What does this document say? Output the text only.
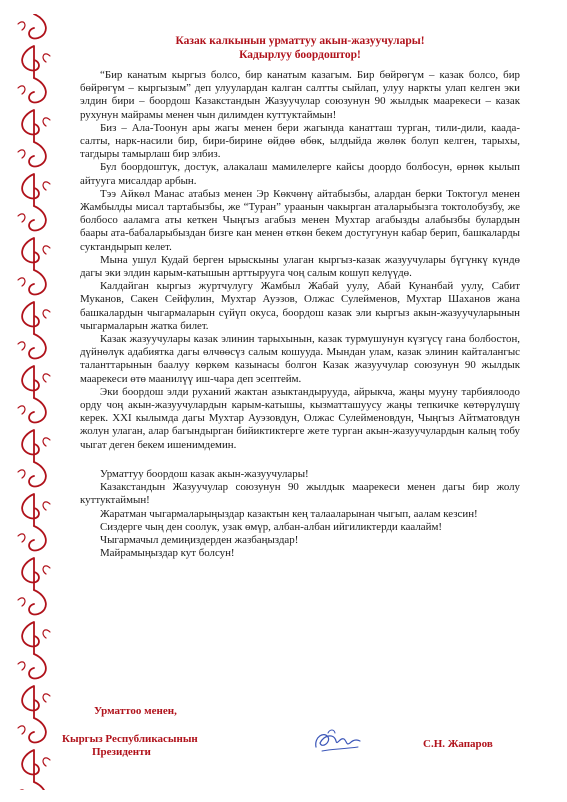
Казак калкынын урматтуу акын-жазуучулары!

Кадырлуу боордоштор!

“Бир канатым кыргыз болсо, бир канатым казагым. Бир бөйрөгүм – казак болсо, бир бөйрөгүм – кыргызым” деп улуулардан калган салтты сыйлап, улуу наркты улап келген эки элдин бири – боордош Казакстандын Жазуучулар союзунун 90 жылдык маарекеси – казак рухунун майрамы менен чын дилимден куттуктаймын!

Биз – Ала-Тоонун ары жагы менен бери жагында канатташ турган, тили-дили, каада-салты, нарк-насили бир, бири-бирине өйдөө өбөк, ылдыйда жөлөк болуп келген, тарыхы, тагдыры тамырлаш бир элбиз.

Бул боордоштук, достук, алакалаш мамилелерге кайсы доордо болбосун, өрнөк кылып айтууга мисалдар арбын.

Тээ Айкөл Манас атабыз менен Эр Көкчөнү айтабызбы, алардан берки Токтогул менен Жамбылды мисал тартабызбы, же “Туран” ураанын чакырган аталарыбызга токтолобузбу, же болбосо ааламга аты кеткен Чыңгыз агабыз менен Мухтар агабызды алабызбы булардын баары ата-бабаларыбыздан бизге кан менен өткөн бекем достугунун кабар берип, башкаларды суктандырып келет.

Мына ушул Кудай берген ырыскыны улаган кыргыз-казак жазуучулары бүгүнкү күндө дагы эки элдин карым-катышын арттырууга чоң салым кошуп келүүдө.

Калдайган кыргыз журтчулугу Жамбыл Жабай уулу, Абай Кунанбай уулу, Сабит Муканов, Сакен Сейфулин, Мухтар Ауэзов, Олжас Сулейменов, Мухтар Шаханов жана башкалардын чыгармаларын сүйүп окуса, боордош казак эли кыргыз акын-жазуучуларынын чыгармаларын жатка билет.

Казак жазуучулары казак элинин тарыхынын, казак турмушунун күзгүсү гана болбостон, дүйнөлүк адабиятка дагы өлчөөсүз салым кошууда. Мындан улам, казак элинин кайталангыс таланттарынын баалуу көркөм казынасы болгон Казак жазуучулар союзунун 90 жылдык маарекеси өтө маанилүү иш-чара деп эсептейм.

Эки боордош элди руханий жактан азыктандырууда, айрыкча, жаңы мууну тарбиялоодо орду чоң акын-жазуучулардын карым-катышы, кызматташуусу жаңы тепкичке көтөрүлүшү керек. XXI кылымда дагы Мухтар Ауэзовдун, Олжас Сулейменовдун, Чыңгыз Айтматовдун жолун улаган, алар багындырган бийиктиктерге жете турган акын-жазуучулардын калың тобу чыгат деген бекем ишенимдемин.

Урматтуу боордош казак акын-жазуучулары!

Казакстандын Жазуучулар союзунун 90 жылдык маарекеси менен дагы бир жолу куттуктаймын!

Жаратман чыгармаларыңыздар казактын кең талааларынан чыгып, аалам кезсин!

Сиздерге чың ден соолук, узак өмүр, албан-албан ийгиликтерди каалайм!

Чыгармачыл демиңиздерден жазбаңыздар!

Майрамыңыздар кут болсун!

Урматтоо менен,
Кыргыз Республикасынын
Президенти
С.Н. Жапаров
